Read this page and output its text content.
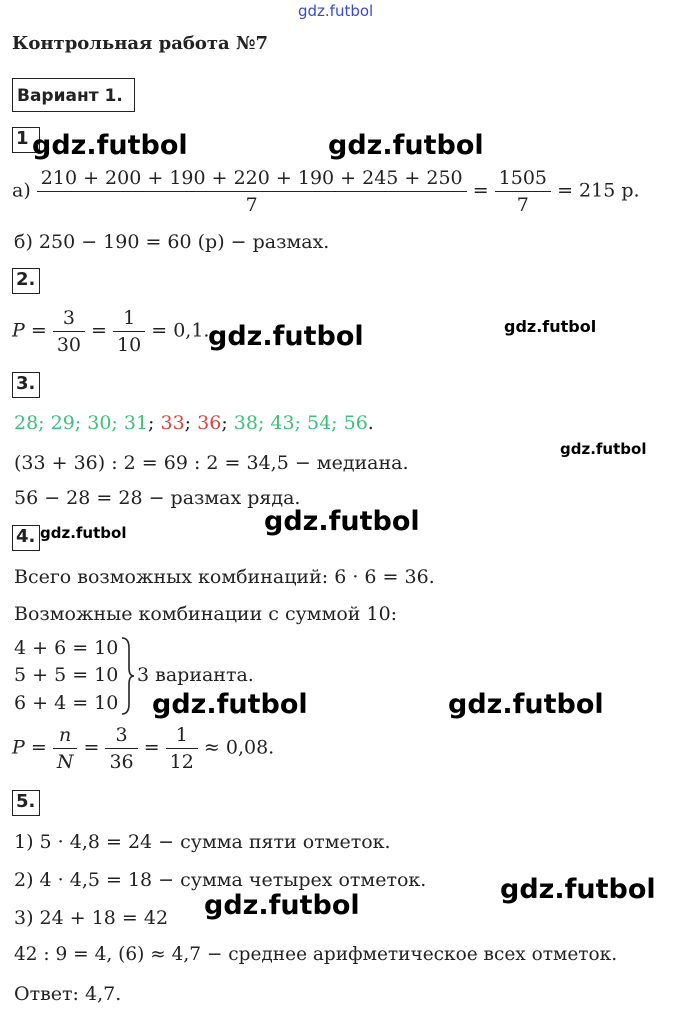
gdz.futbol
Контрольная работа №7
Вариант 1.
1
$а) \frac{210 + 200 + 190 + 220 + 190 + 245 + 250}{7} = \frac{1505}{7} = 215$ р.
б) 250 − 190 = 60 (р) − размах.
2.
$P = \frac{3}{30} = \frac{1}{10} = 0,1$.
3.
28; 29; 30; 31; 33; 36; 38; 43; 54; 56.
(33 + 36) : 2 = 69 : 2 = 34,5 − медиана.
56 − 28 = 28 − размах ряда.
4.
Всего возможных комбинаций: 6 · 6 = 36.
Возможные комбинации с суммой 10:
4 + 6 = 10
5 + 5 = 10
6 + 4 = 10
3 варианта.
$P = \frac{n}{N} = \frac{3}{36} = \frac{1}{12} \approx 0,08$.
5.
1) 5 · 4,8 = 24 − сумма пяти отметок.
2) 4 · 4,5 = 18 − сумма четырех отметок.
3) 24 + 18 = 42
42 : 9 = 4, (6) ≈ 4,7 − среднее арифметическое всех отметок.
Ответ: 4,7.
gdz.futbol	gdz.futbol
gdz.futbol	gdz.futbol
gdz.futbol
gdz.futbol
gdz.futbol
gdz.futbol	gdz.futbol
gdz.futbol
gdz.futbol
